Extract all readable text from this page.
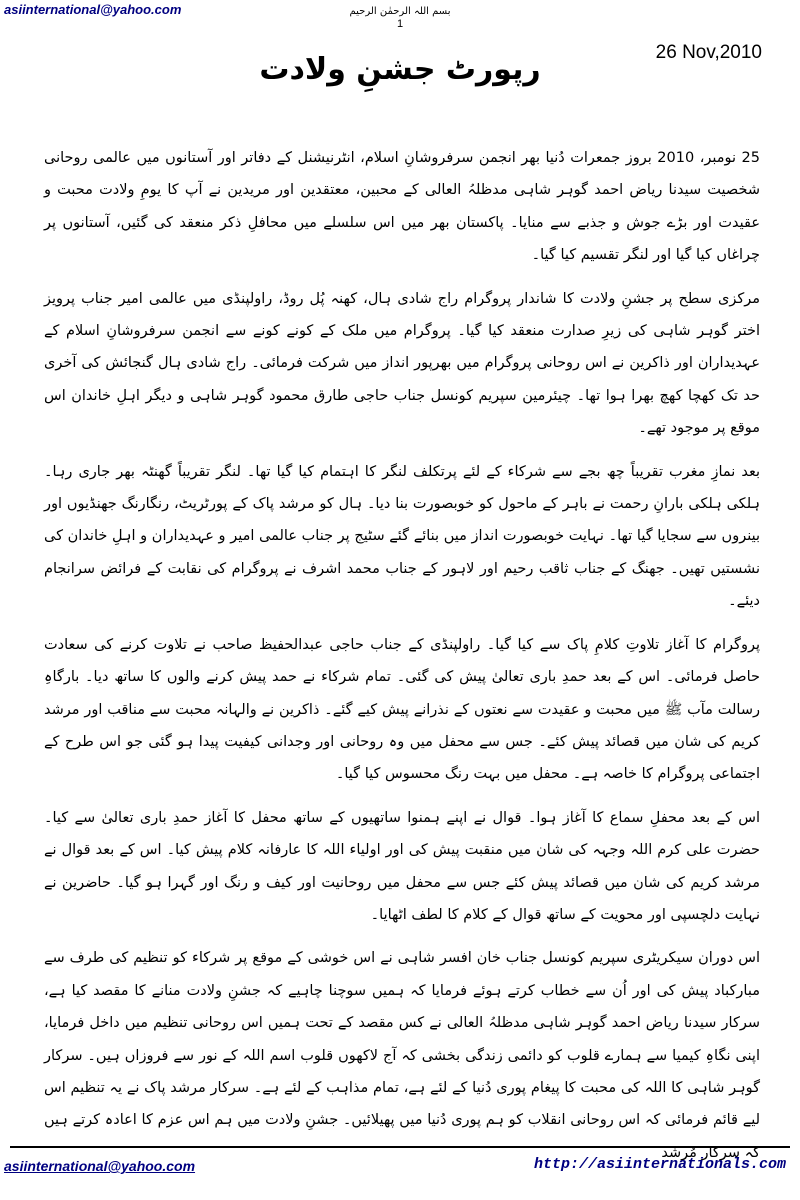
asiinternational@yahoo.com	بسم اللہ الرحمٰن الرحیم
1
26 Nov,2010
رپورٹ جشنِ ولادت

25 نومبر، 2010 بروز جمعرات دُنیا بھر انجمن سرفروشانِ اسلام، انٹرنیشنل کے دفاتر اور آستانوں میں عالمی روحانی شخصیت سیدنا ریاض احمد گوہر شاہی مدظلہُ العالی کے محبین، معتقدین اور مریدین نے آپ کا یومِ ولادت محبت و عقیدت اور بڑے جوش و جذبے سے منایا۔ پاکستان بھر میں اس سلسلے میں محافلِ ذکر منعقد کی گئیں، آستانوں پر چراغاں کیا گیا اور لنگر تقسیم کیا گیا۔

مرکزی سطح پر جشنِ ولادت کا شاندار پروگرام راج شادی ہال، کھنہ پُل روڈ، راولپنڈی میں عالمی امیر جناب پرویز اختر گوہر شاہی کی زیرِ صدارت منعقد کیا گیا۔ پروگرام میں ملک کے کونے کونے سے انجمن سرفروشانِ اسلام کے عہدیداران اور ذاکرین نے اس روحانی پروگرام میں بھرپور انداز میں شرکت فرمائی۔ راج شادی ہال گنجائش کی آخری حد تک کھچا کھچ بھرا ہوا تھا۔ چیئرمین سپریم کونسل جناب حاجی طارق محمود گوہر شاہی و دیگر اہلِ خاندان اس موقع پر موجود تھے۔

بعد نمازِ مغرب تقریباً چھ بجے سے شرکاء کے لئے پرتکلف لنگر کا اہتمام کیا گیا تھا۔ لنگر تقریباً گھنٹہ بھر جاری رہا۔ ہلکی ہلکی بارانِ رحمت نے باہر کے ماحول کو خوبصورت بنا دیا۔ ہال کو مرشد پاک کے پورٹریٹ، رنگارنگ جھنڈیوں اور بینروں سے سجایا گیا تھا۔ نہایت خوبصورت انداز میں بنائے گئے سٹیج پر جناب عالمی امیر و عہدیداران و اہلِ خاندان کی نشستیں تھیں۔ جھنگ کے جناب ثاقب رحیم اور لاہور کے جناب محمد اشرف نے پروگرام کی نقابت کے فرائض سرانجام دیئے۔

پروگرام کا آغاز تلاوتِ کلامِ پاک سے کیا گیا۔ راولپنڈی کے جناب حاجی عبدالحفیظ صاحب نے تلاوت کرنے کی سعادت حاصل فرمائی۔ اس کے بعد حمدِ باری تعالیٰ پیش کی گئی۔ تمام شرکاء نے حمد پیش کرنے والوں کا ساتھ دیا۔ بارگاہِ رسالت مآب ﷺ میں محبت و عقیدت سے نعتوں کے نذرانے پیش کیے گئے۔ ذاکرین نے والہانہ محبت سے مناقب اور مرشد کریم کی شان میں قصائد پیش کئے۔ جس سے محفل میں وہ روحانی اور وجدانی کیفیت پیدا ہو گئی جو اس طرح کے اجتماعی پروگرام کا خاصہ ہے۔ محفل میں بہت رنگ محسوس کیا گیا۔

اس کے بعد محفلِ سماع کا آغاز ہوا۔ قوال نے اپنے ہمنوا ساتھیوں کے ساتھ محفل کا آغاز حمدِ باری تعالیٰ سے کیا۔ حضرت علی کرم اللہ وجہہ کی شان میں منقبت پیش کی اور اولیاء اللہ کا عارفانہ کلام پیش کیا۔ اس کے بعد قوال نے مرشد کریم کی شان میں قصائد پیش کئے جس سے محفل میں روحانیت اور کیف و رنگ اور گہرا ہو گیا۔ حاضرین نے نہایت دلچسپی اور محویت کے ساتھ قوال کے کلام کا لطف اٹھایا۔

اس دوران سیکریٹری سپریم کونسل جناب خان افسر شاہی نے اس خوشی کے موقع پر شرکاء کو تنظیم کی طرف سے مبارکباد پیش کی اور اُن سے خطاب کرتے ہوئے فرمایا کہ ہمیں سوچنا چاہیے کہ جشنِ ولادت منانے کا مقصد کیا ہے، سرکار سیدنا ریاض احمد گوہر شاہی مدظلہُ العالی نے کس مقصد کے تحت ہمیں اس روحانی تنظیم میں داخل فرمایا، اپنی نگاہِ کیمیا سے ہمارے قلوب کو دائمی زندگی بخشی کہ آج لاکھوں قلوب اسم اللہ کے نور سے فروزاں ہیں۔ سرکار گوہر شاہی کا اللہ کی محبت کا پیغام پوری دُنیا کے لئے ہے، تمام مذاہب کے لئے ہے۔ سرکار مرشد پاک نے یہ تنظیم اس لیے قائم فرمائی کہ اس روحانی انقلاب کو ہم پوری دُنیا میں پھیلائیں۔ جشنِ ولادت میں ہم اس عزم کا اعادہ کرتے ہیں کہ سرکار مُرشد

asiinternational@yahoo.com	http://asiinternationals.com
